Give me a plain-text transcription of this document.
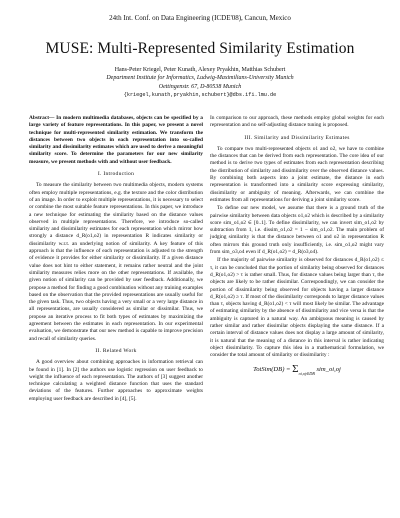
24th Int. Conf. on Data Engineering (ICDE'08), Cancun, Mexico
MUSE: Multi-Represented Similarity Estimation
Hans-Peter Kriegel, Peter Kunath, Alexey Pryakhin, Matthias Schubert
Department Institute for Informatics, Ludwig-Maximilians-University Munich
Oettingenstr. 67, D-80538 Munich
{kriegel,kunath,pryakhin,schubert}@dbs.ifi.lmu.de

Abstract— In modern multimedia databases, objects can be specified by a large variety of feature representations. In this paper, we present a novel technique for multi-represented similarity estimation. We transform the distances between two objects in each representation into so-called similarity and dissimilarity estimates which are used to derive a meaningful similarity score. To determine the parameters for our new similarity measure, we present methods with and without user feedback.

I. Introduction

To measure the similarity between two multimedia objects, modern systems often employ multiple representations, e.g. the texture and the color distribution of an image. In order to exploit multiple representations, it is necessary to select or combine the most suitable feature representations. In this paper, we introduce a new technique for estimating the similarity based on the distance values observed in multiple representations. Therefore, we introduce so-called similarity and dissimilarity estimates for each representation which mirror how strongly a distance d_R(o1,o2) in representation R indicates similarity or dissimilarity w.r.t. an underlying notion of similarity. A key feature of this approach is that the influence of each representation is adjusted to the strength of evidence it provides for either similarity or dissimilarity. If a given distance value does not hint to either statement, it remains rather neutral and the joint similarity measures relies more on the other representations. If available, the given notion of similarity can be provided by user feedback. Additionally, we propose a method for finding a good combination without any training examples based on the observation that the provided representations are usually useful for the given task. Thus, two objects having a very small or a very large distance in all representations, are usually considered as similar or dissimilar. Thus, we propose an iterative process to fit both types of estimates by maximizing the agreement between the estimates in each representation. In our experimental evaluation, we demonstrate that our new method is capable to improve precision and recall of similarity queries.

II. Related Work

A good overview about combining approaches in information retrieval can be found in [1]. In [2] the authors use logistic regression on user feedback to weight the influence of each representation. The authors of [3] suggest another technique calculating a weighted distance function that uses the standard deviations of the features. Further approaches to approximate weights employing user feedback are described in [4], [5].

In comparison to our approach, these methods employ global weights for each representation and no self-adjusting distance tuning is proposed.

III. Similarity and Dissimilarity Estimates

To compare two multi-represented objects o1 and o2, we have to combine the distances that can be derived from each representation. The core idea of our method is to derive two types of estimates from each representation describing the distribution of similarity and dissimilarity over the observed distance values. By combining both aspects into a joint estimate, the distance in each representation is transformed into a similarity score expressing similarity, dissimilarity or ambiguity of meaning. Afterwards, we can combine the estimates from all representations for deriving a joint similarity score.

To define our new model, we assume that there is a ground truth of the pairwise similarity between data objects o1,o2 which is described by a similarity score sim_o1,o2 ∈ [0..1]. To define dissimilarity, we can invert sim_o1,o2 by subtraction from 1, i.e. dissim_o1,o2 = 1 − sim_o1,o2. The main problem of judging similarity is that the distance between o1 and o2 in representation R often mirrors this ground truth only insufficiently, i.e. sim_o1,o2 might vary from sim_o3,o4 even if d_R(o1,o2) = d_R(o3,o4).

If the majority of pairwise similarity is observed for distances d_R(o1,o2) ≤ τ, it can be concluded that the portion of similarity being observed for distances d_R(o1,o2) > τ is rather small. Thus, for distance values being larger than τ, the objects are likely to be rather dissimilar. Correspondingly, we can consider the portion of dissimilarity being observed for objects having a larger distance d_R(o1,o2) ≥ τ. If most of the dissimilarity corresponds to larger distance values than τ, objects having d_R(o1,o2) < τ will most likely be similar. The advantage of estimating similarity by the absence of dissimilarity and vice versa is that the ambiguity is captured in a natural way. An ambiguous meaning is caused by rather similar and rather dissimilar objects displaying the same distance. If a certain interval of distance values does not display a large amount of similarity, it is natural that the meaning of a distance in this interval is rather indicating object dissimilarity. To capture this idea in a mathematical formulation, we consider the total amount of similarity or dissimilarity :

TotSim(DB) = $\Sigma_{oi,oj\in DB}$ sim_oi,oj
